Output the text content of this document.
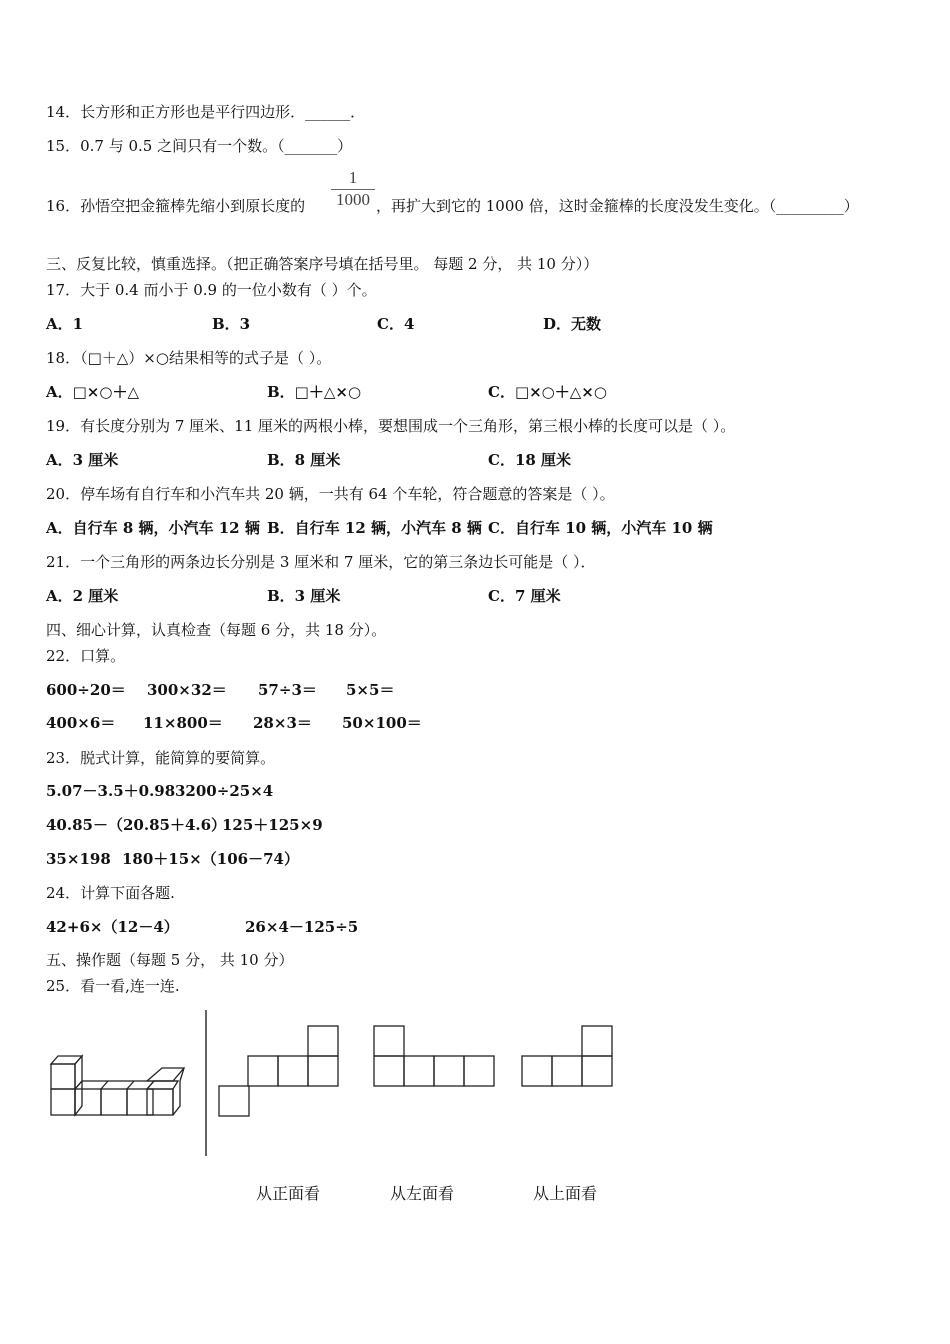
14．长方形和正方形也是平行四边形．______．
15．0.7 与 0.5 之间只有一个数。（_______）
16．孙悟空把金箍棒先缩小到原长度的
1
1000 ，再扩大到它的 1000 倍，这时金箍棒的长度没发生变化。（_________）
三、反复比较，慎重选择。（把正确答案序号填在括号里。 每题 2 分， 共 10 分））
17．大于 0.4 而小于 0.9 的一位小数有（ ）个。
A．1	B．3	C．4	D．无数
18．（□＋△）×○结果相等的式子是（ ）。
A．□×○＋△	B．□＋△×○	C．□×○＋△×○
19．有长度分别为 7 厘米、11 厘米的两根小棒，要想围成一个三角形，第三根小棒的长度可以是（ ）。
A．3 厘米	B．8 厘米	C．18 厘米
20．停车场有自行车和小汽车共 20 辆，一共有 64 个车轮，符合题意的答案是（ ）。
A．自行车 8 辆，小汽车 12 辆 B．自行车 12 辆，小汽车 8 辆 C．自行车 10 辆，小汽车 10 辆
21．一个三角形的两条边长分别是 3 厘米和 7 厘米，它的第三条边长可能是（ ）．
A．2 厘米	B．3 厘米	C．7 厘米
四、细心计算，认真检查（每题 6 分，共 18 分）。
22．口算。
600÷20＝ 300×32＝ 57÷3＝ 5×5＝
400×6＝ 11×800＝ 28×3＝ 50×100＝
23．脱式计算，能简算的要简算。
5.07－3.5＋0.98 3200÷25×4
40.85－（20.85＋4.6）
125＋125×9
35×198 180＋15×（106－74）
24．计算下面各题.
42+6×（12－4）	26×4－125÷5
五、操作题（每题 5 分， 共 10 分）
25．看一看,连一连.
从正面看	从左面看	从上面看
